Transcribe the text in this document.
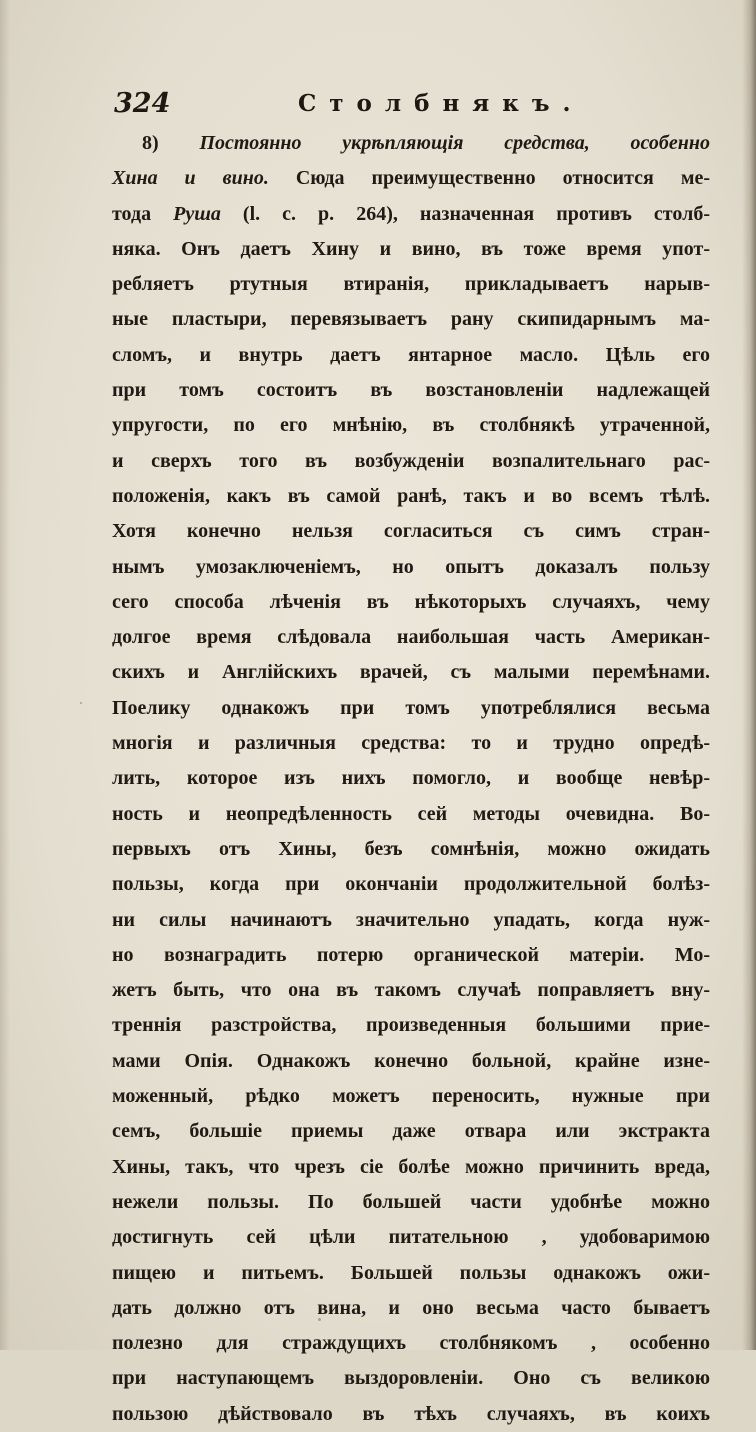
324	Столбнякъ.
8) Постоянно укрѣпляющія средства, особенно
Хина и вино. Сюда преимущественно относится ме-
тода Руша (l. c. p. 264), назначенная противъ столб-
няка. Онъ даетъ Хину и вино, въ тоже время упот-
ребляетъ ртутныя втиранія, прикладываетъ нарыв-
ные пластыри, перевязываетъ рану скипидарнымъ ма-
сломъ, и внутрь даетъ янтарное масло. Цѣль его
при томъ состоитъ въ возстановленіи надлежащей
упругости, по его мнѣнію, въ столбнякѣ утраченной,
и сверхъ того въ возбужденіи возпалительнаго рас-
положенія, какъ въ самой ранѣ, такъ и во всемъ тѣлѣ.
Хотя конечно нельзя согласиться съ симъ стран-
нымъ умозаключеніемъ, но опытъ доказалъ пользу
сего способа лѣченія въ нѣкоторыхъ случаяхъ, чему
долгое время слѣдовала наибольшая часть Американ-
скихъ и Англійскихъ врачей, съ малыми перемѣнами.
Поелику однакожъ при томъ употреблялися весьма
многія и различныя средства: то и трудно опредѣ-
лить, которое изъ нихъ помогло, и вообще невѣр-
ность и неопредѣленность сей методы очевидна. Во-
первыхъ отъ Хины, безъ сомнѣнія, можно ожидать
пользы, когда при окончаніи продолжительной болѣз-
ни силы начинаютъ значительно упадать, когда нуж-
но вознаградить потерю органической матеріи. Мо-
жетъ быть, что она въ такомъ случаѣ поправляетъ вну-
треннія разстройства, произведенныя большими прие-
мами Опія. Однакожъ конечно больной, крайне изне-
моженный, рѣдко можетъ переносить, нужные при
семъ, большіе приемы даже отвара или экстракта
Хины, такъ, что чрезъ сіе болѣе можно причинить вреда,
нежели пользы. По большей части удобнѣе можно
достигнуть сей цѣли питательною , удобоваримою
пищею и питьемъ. Большей пользы однакожъ ожи-
дать должно отъ вина, и оно весьма часто бываетъ
полезно для страждущихъ столбнякомъ , особенно
при наступающемъ выздоровленіи. Оно съ великою
пользою дѣйствовало въ тѣхъ случаяхъ, въ коихъ
